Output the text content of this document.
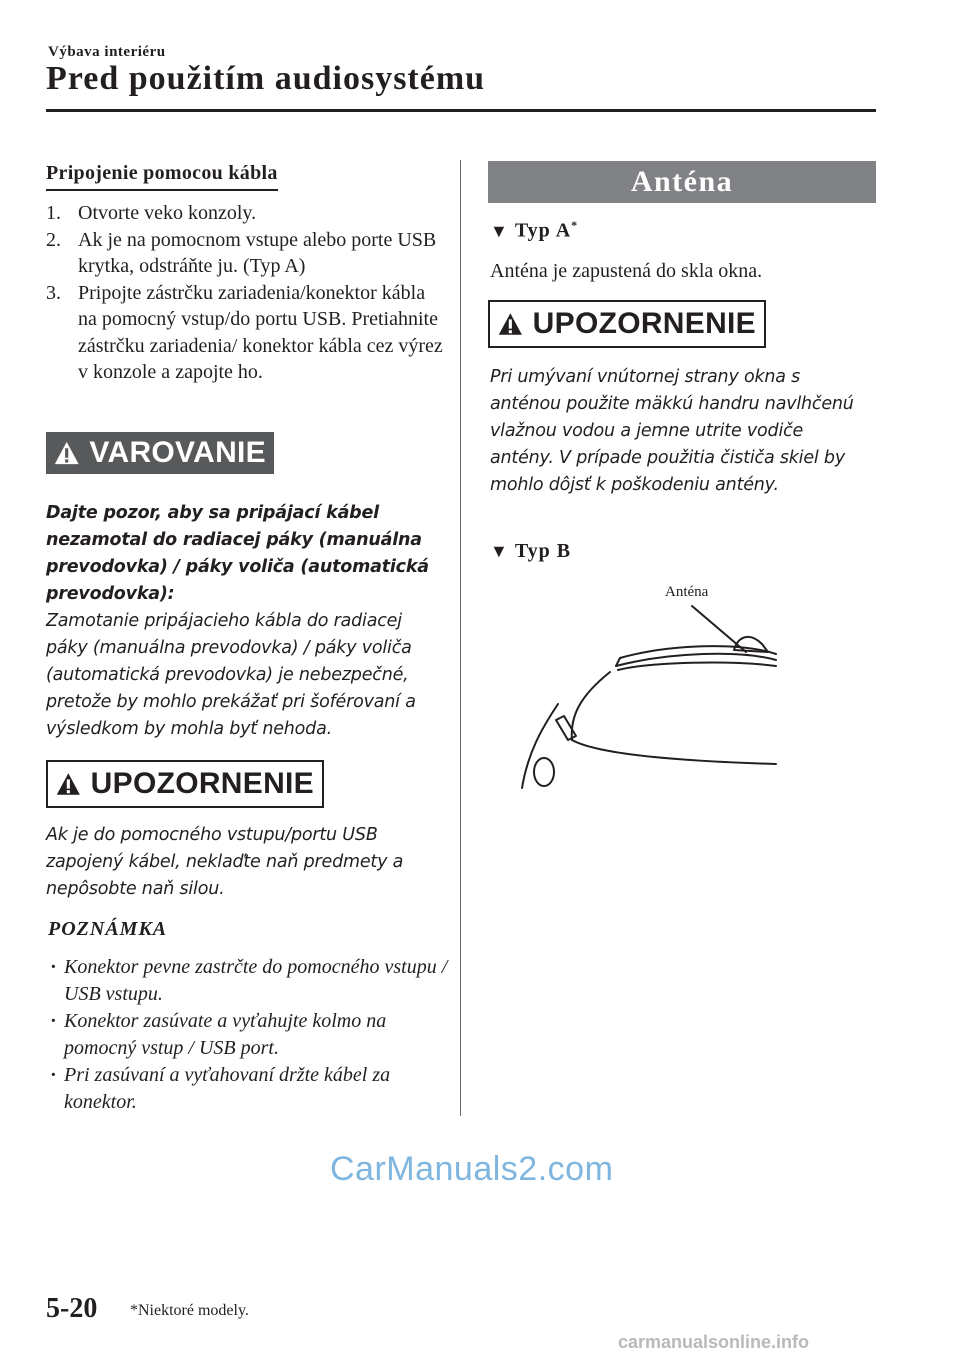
Výbava interiéru
Pred použitím audiosystému
Pripojenie pomocou kábla
1. Otvorte veko konzoly.
2. Ak je na pomocnom vstupe alebo porte USB krytka, odstráňte ju. (Typ A)
3. Pripojte zástrčku zariadenia/konektor kábla na pomocný vstup/do portu USB. Pretiahnite zástrčku zariadenia/ konektor kábla cez výrez v konzole a zapojte ho.
VAROVANIE
Dajte pozor, aby sa pripájací kábel nezamotal do radiacej páky (manuálna prevodovka) / páky voliča (automatická prevodovka):
Zamotanie pripájacieho kábla do radiacej páky (manuálna prevodovka) / páky voliča (automatická prevodovka) je nebezpečné, pretože by mohlo prekážať pri šoférovaní a výsledkom by mohla byť nehoda.
UPOZORNENIE
Ak je do pomocného vstupu/portu USB zapojený kábel, neklaďte naň predmety a nepôsobte naň silou.
POZNÁMKA
· Konektor pevne zastrčte do pomocného vstupu / USB vstupu.
· Konektor zasúvate a vyťahujte kolmo na pomocný vstup / USB port.
· Pri zasúvaní a vyťahovaní držte kábel za konektor.
Anténa
▼ Typ A*
Anténa je zapustená do skla okna.
UPOZORNENIE
Pri umývaní vnútornej strany okna s anténou použite mäkkú handru navlhčenú vlažnou vodou a jemne utrite vodiče antény. V prípade použitia čističa skiel by mohlo dôjsť k poškodeniu antény.
▼ Typ B
Anténa
CarManuals2.com
5-20 *Niektoré modely.
carmanualsonline.info
